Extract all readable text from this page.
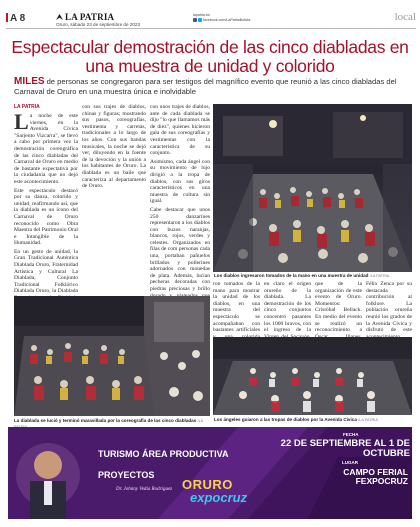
A 8	LA PATRIA
Oruro, sábado 23 de septiembre de 2023
lapatria.bo
facebook.com/LaPatriaBolivia	local
Espectacular demostración de las cinco diabladas en una muestra de unidad y colorido
MILES de personas se congregaron para ser testigos del magnífico evento que reunió a las cinco diabladas del Carnaval de Oruro en una muestra única e inolvidable
LA PATRIA

La noche de este viernes, en la Avenida Cívica "Sarjento Vizcarra", se llevó a cabo por primera vez la demostración coreográfica de las cinco diabladas del Carnaval de Oruro en medio de bastante expectativa por la ciudadanía que no dejó este acontecimiento.

Este espectáculo destacó por su danza, colorido y unidad, reafirmando así, que la diablada es un ícono del Carnaval de Oruro reconocido como Obra Maestra del Patrimonio Oral e Intangible de la Humanidad.

En un gesto de unidad, la Gran Tradicional Auténtica Diablada Oruro, Fraternidad Artística y Cultural La Diablada, Conjunto Tradicional Folklórico Diablada Oruro, la Diablada

con sus trajes de diablos, chinas y figuras; mostrando sus pasos, coreografías, vestimenta y carretas, tradicionales a lo largo de los años. Con sus bandas musicales, la noche se dejó ver, diluyendo en la fuente de la devoción y la unión a los habitantes de Oruro. La diablada es un baile que caracteriza al departamento de Oruro.

con unos trajes de diablos, ante de cada diablada se dijo "lo que llamamos más de diez", quienes hicieron gala de sus coreografías y vestimentas con la caracteristica de su conjunto.

Asimismo, cada ángel con su movimiento de lujo dirigió a la tropa de diablos, con sus giros característicos en una muestra de cultura sin igual.

Cabe destacar que unos 250 danzarines representaron a los diablos con buzos naranjas, blancos, rojos, verdes y celestes. Organizados en filas de com personas cada una, portaban pañuelos brillados y pollerines adornados con monedas de plata. Además, lucían pecheras decoradas con piedras preciosas y brillo

Los diablos ingresaron tomados de la mano en una muestra de unidad /LA PATRIA
La diablada se lució y terminó maravillada por la coreografía de las cinco diabladas /LA

ron tomados de la mano para mostrar la unidad de los diablos, en una muestra del espectáculo se acompañaban con bastantes artificiales

en claro el origen orureño de la diablada. La demostración de los cinco conjuntos concentró pasantes los 1000 bravos, con el ingreso de la

que de la organización de este evento de Oruro. Momentos: Cristóbal Bellack. En medio del evento se realizó un reconocimiento a

Félix Zenca por su destacada contribución al folklore. La población orureña reunió los grados de la Avenida Cívica y disfrutó de este

Los ángeles guiaron a las tropas de diablos por la Avenida Cívica /LA PATRIA
TURISMO ÁREA PRODUCTIVA
PROYECTOS
Dr. Johnny Vedia Rodríguez ORURO
expocruz
FECHA
22 DE SEPTIEMBRE AL 1 DE OCTUBRE
LUGAR
CAMPO FERIAL FEXPOCRUZ
